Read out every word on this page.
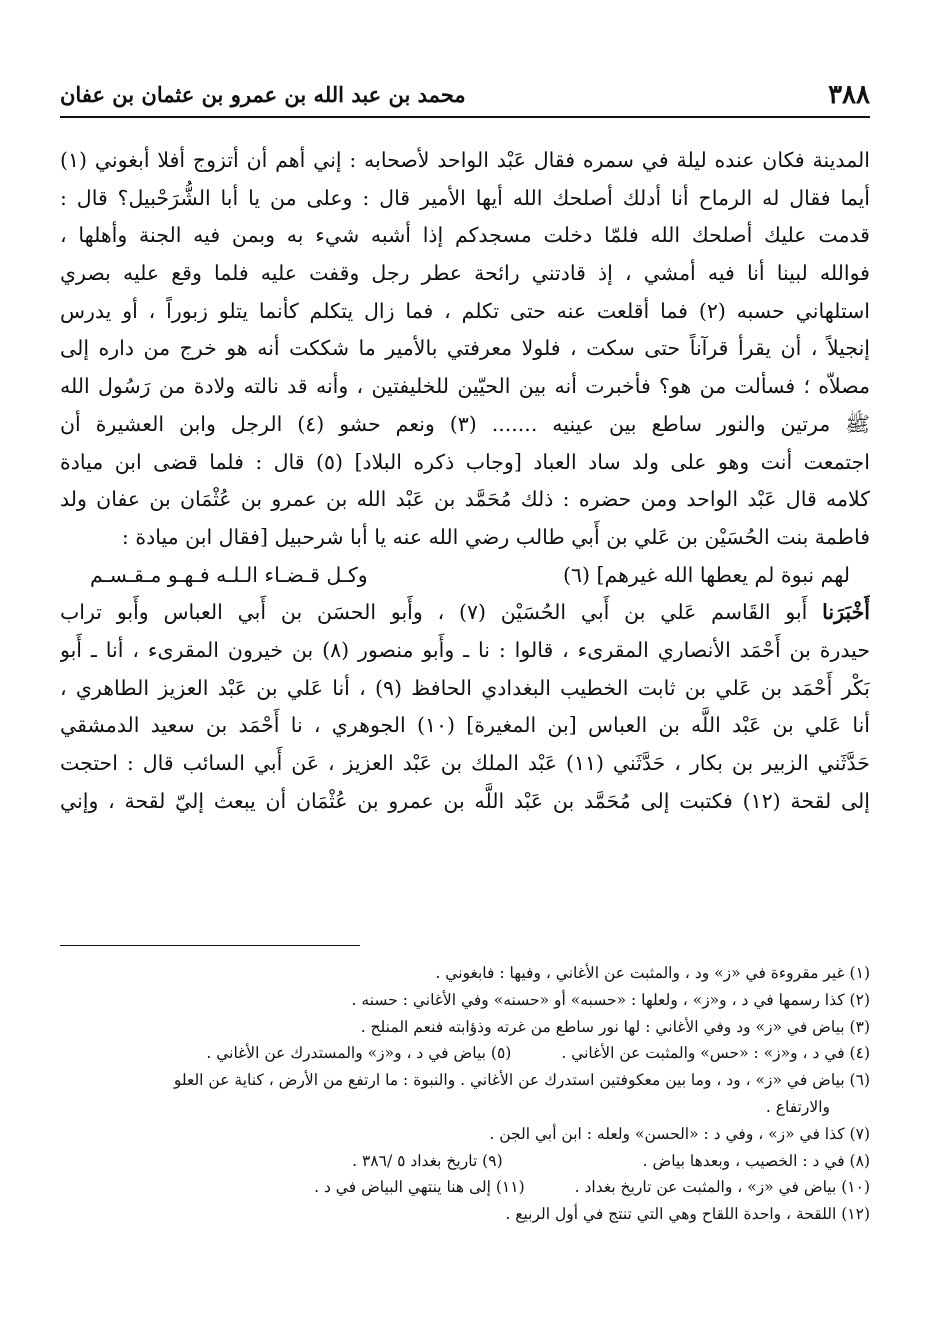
٣٨٨
محمد بن عبد الله بن عمرو بن عثمان بن عفان
المدينة فكان عنده ليلة في سمره فقال عَبْد الواحد لأصحابه : إني أهم أن أتزوج أفلا أبغوني (١)
أيما فقال له الرماح أنا أدلك أصلحك الله أيها الأمير قال : وعلى من يا أبا الشُّرَحْبيل؟ قال :
قدمت عليك أصلحك الله فلمّا دخلت مسجدكم إذا أشبه شيء به وبمن فيه الجنة وأهلها ،
فوالله لبينا أنا فيه أمشي ، إذ قادتني رائحة عطر رجل وقفت عليه فلما وقع عليه بصري
استلهاني حسبه (٢) فما أقلعت عنه حتى تكلم ، فما زال يتكلم كأنما يتلو زبوراً ، أو يدرس
إنجيلاً ، أن يقرأ قرآناً حتى سكت ، فلولا معرفتي بالأمير ما شككت أنه هو خرج من داره إلى
مصلاّه ؛ فسألت من هو؟ فأخبرت أنه بين الحيّين للخليفتين ، وأنه قد نالته ولادة من رَسُول الله
ﷺ مرتين والنور ساطع بين عينيه ....... (٣) ونعم حشو (٤) الرجل وابن العشيرة أن
اجتمعت أنت وهو على ولد ساد العباد [وجاب ذكره البلاد] (٥) قال : فلما قضى ابن ميادة
كلامه قال عَبْد الواحد ومن حضره : ذلك مُحَمَّد بن عَبْد الله بن عمرو بن عُثْمَان بن عفان ولد
فاطمة بنت الحُسَيْن بن عَلي بن أَبي طالب رضي الله عنه يا أبا شرحبيل [فقال ابن ميادة :
لهم نبوة لم يعطها الله غيرهم] (٦)
وكـل قـضـاء الـلـه فـهـو مـقـسـم
أَخْبَرَنا أَبو القَاسم عَلي بن أَبي الحُسَيْن (٧) ، وأَبو الحسَن بن أَبي العباس وأَبو تراب
حيدرة بن أَحْمَد الأنصاري المقرىء ، قالوا : نا ـ وأَبو منصور (٨) بن خيرون المقرىء ، أنا ـ أَبو
بَكْر أَحْمَد بن عَلي بن ثابت الخطيب البغدادي الحافظ (٩) ، أنا عَلي بن عَبْد العزيز الطاهري ،
أنا عَلي بن عَبْد اللَّه بن العباس [بن المغيرة] (١٠) الجوهري ، نا أَحْمَد بن سعيد الدمشقي
حَدَّثَني الزبير بن بكار ، حَدَّثَني (١١) عَبْد الملك بن عَبْد العزيز ، عَن أَبي السائب قال : احتجت
إلى لقحة (١٢) فكتبت إلى مُحَمَّد بن عَبْد اللَّه بن عمرو بن عُثْمَان أن يبعث إليّ لقحة ، وإني
(١) غير مقروءة في «ز» ود ، والمثبت عن الأغاني ، وفيها : فابغوني .
(٢) كذا رسمها في د ، و«ز» ، ولعلها : «حسبه» أو «حسنه» وفي الأغاني : حسنه .
(٣) بياض في «ز» ود وفي الأغاني : لها نور ساطع من غرته وذؤابته فنعم المنلح .
(٤) في د ، و«ز» : «حس» والمثبت عن الأغاني .
(٥) بياض في د ، و«ز» والمستدرك عن الأغاني .
(٦) بياض في «ز» ، ود ، وما بين معكوفتين استدرك عن الأغاني . والنبوة : ما ارتفع من الأرض ، كناية عن العلو
والارتفاع .
(٧) كذا في «ز» ، وفي د : «الحسن» ولعله : ابن أبي الجن .
(٨) في د : الخصيب ، وبعدها بياض .
(٩) تاريخ بغداد ٥ /٣٨٦ .
(١٠) بياض في «ز» ، والمثبت عن تاريخ بغداد .
(١١) إلى هنا ينتهي البياض في د .
(١٢) اللقحة ، واحدة اللقاح وهي التي تنتج في أول الربيع .
